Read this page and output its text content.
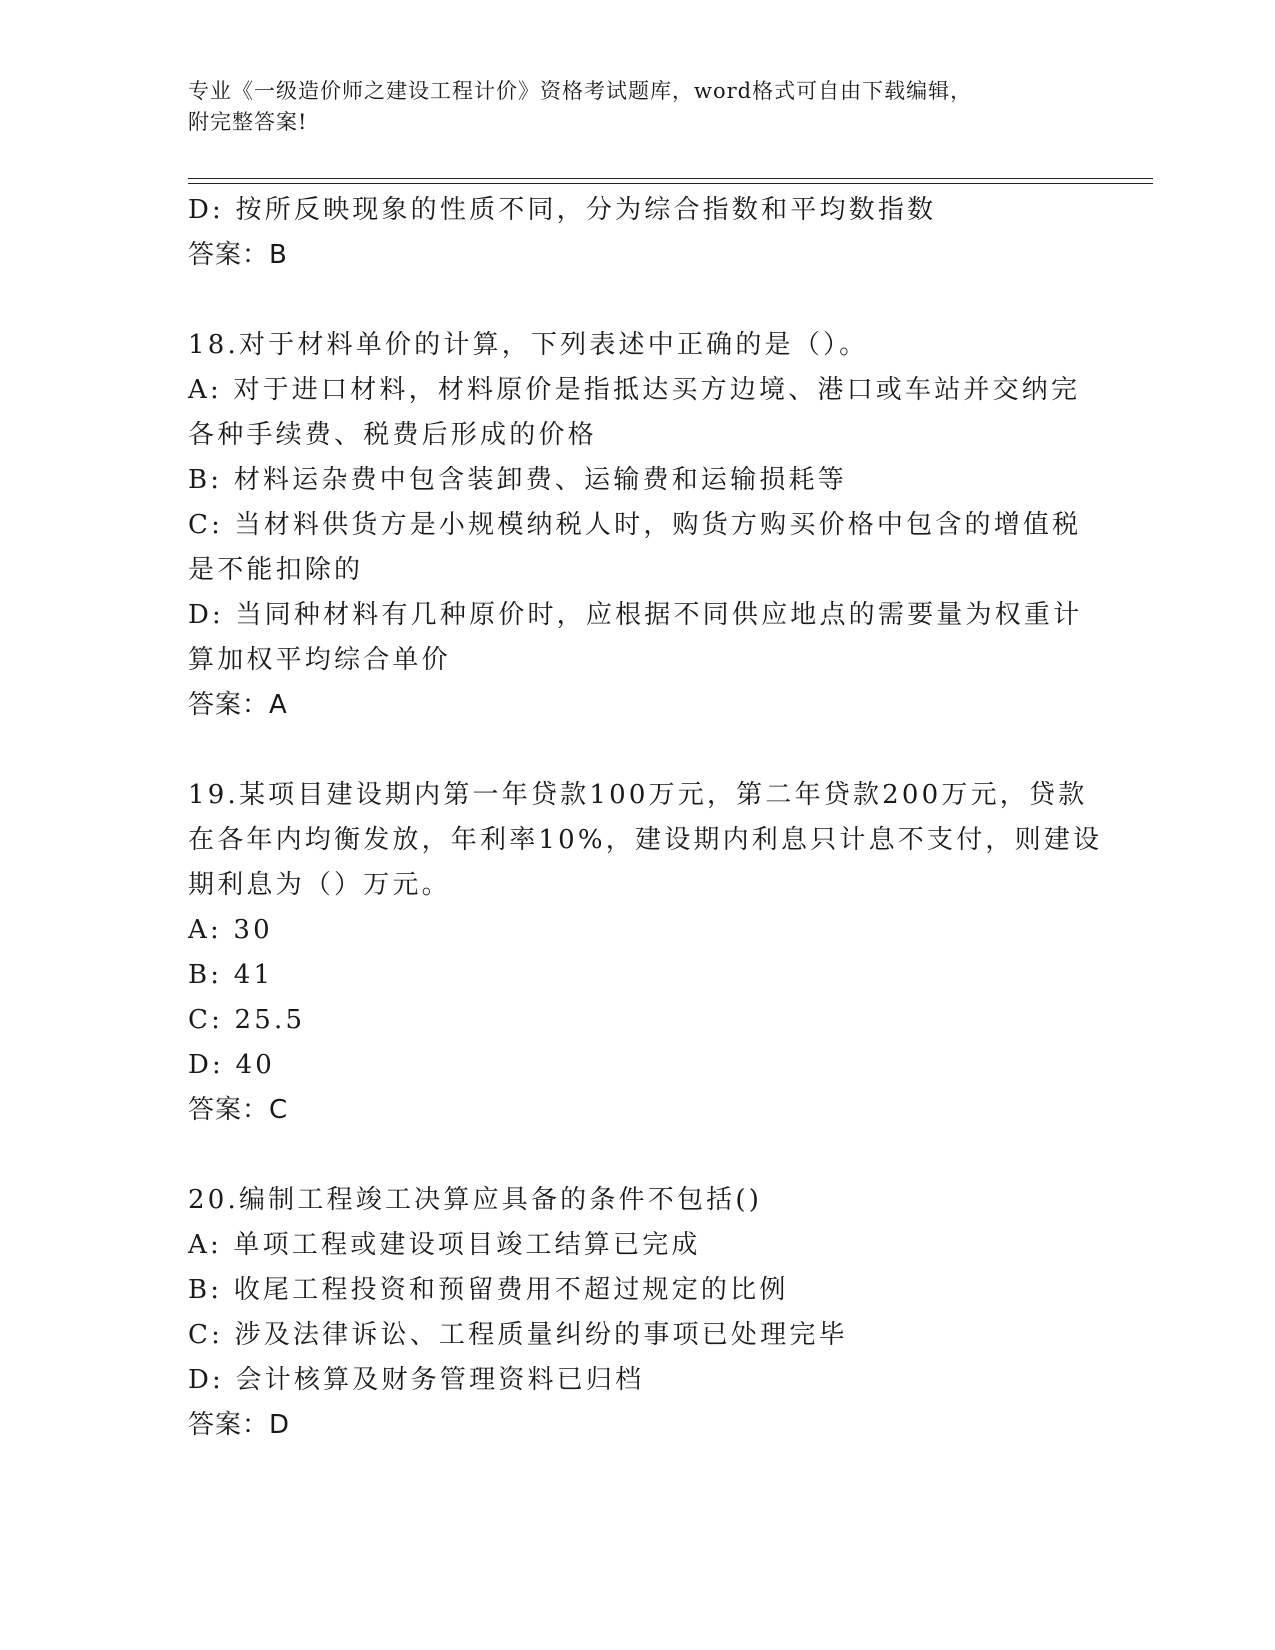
专业《一级造价师之建设工程计价》资格考试题库，word格式可自由下载编辑，
附完整答案!
D: 按所反映现象的性质不同，分为综合指数和平均数指数
答案：B
18.对于材料单价的计算，下列表述中正确的是（）。
A: 对于进口材料，材料原价是指抵达买方边境、港口或车站并交纳完
各种手续费、税费后形成的价格
B: 材料运杂费中包含装卸费、运输费和运输损耗等
C: 当材料供货方是小规模纳税人时，购货方购买价格中包含的增值税
是不能扣除的
D: 当同种材料有几种原价时，应根据不同供应地点的需要量为权重计
算加权平均综合单价
答案：A
19.某项目建设期内第一年贷款100万元，第二年贷款200万元，贷款
在各年内均衡发放，年利率10%，建设期内利息只计息不支付，则建设
期利息为（）万元。
A: 30
B: 41
C: 25.5
D: 40
答案：C
20.编制工程竣工决算应具备的条件不包括()
A: 单项工程或建设项目竣工结算已完成
B: 收尾工程投资和预留费用不超过规定的比例
C: 涉及法律诉讼、工程质量纠纷的事项已处理完毕
D: 会计核算及财务管理资料已归档
答案：D
